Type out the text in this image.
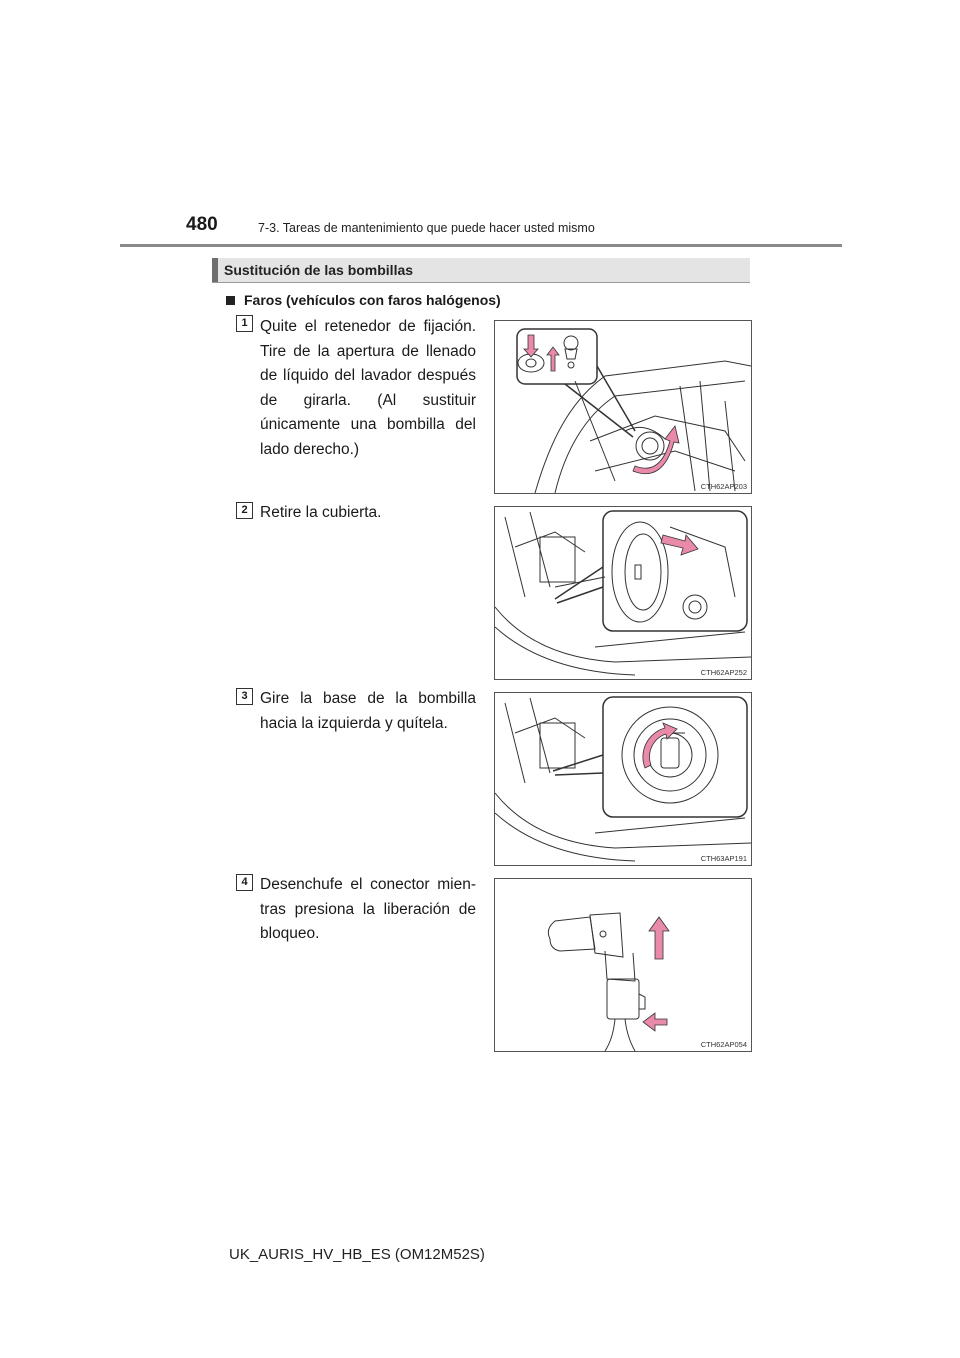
480	7-3. Tareas de mantenimiento que puede hacer usted mismo
Sustitución de las bombillas
Faros (vehículos con faros halógenos)
1 Quite el retenedor de fijación. Tire de la apertura de llenado de líquido del lavador después de girarla. (Al sustituir únicamente una bombilla del lado derecho.)
CTH62AP203
2 Retire la cubierta.
CTH62AP252
3 Gire la base de la bombilla hacia la izquierda y quítela.
CTH63AP191
4 Desenchufe el conector mien-tras presiona la liberación de bloqueo.
CTH62AP054
UK_AURIS_HV_HB_ES (OM12M52S)
